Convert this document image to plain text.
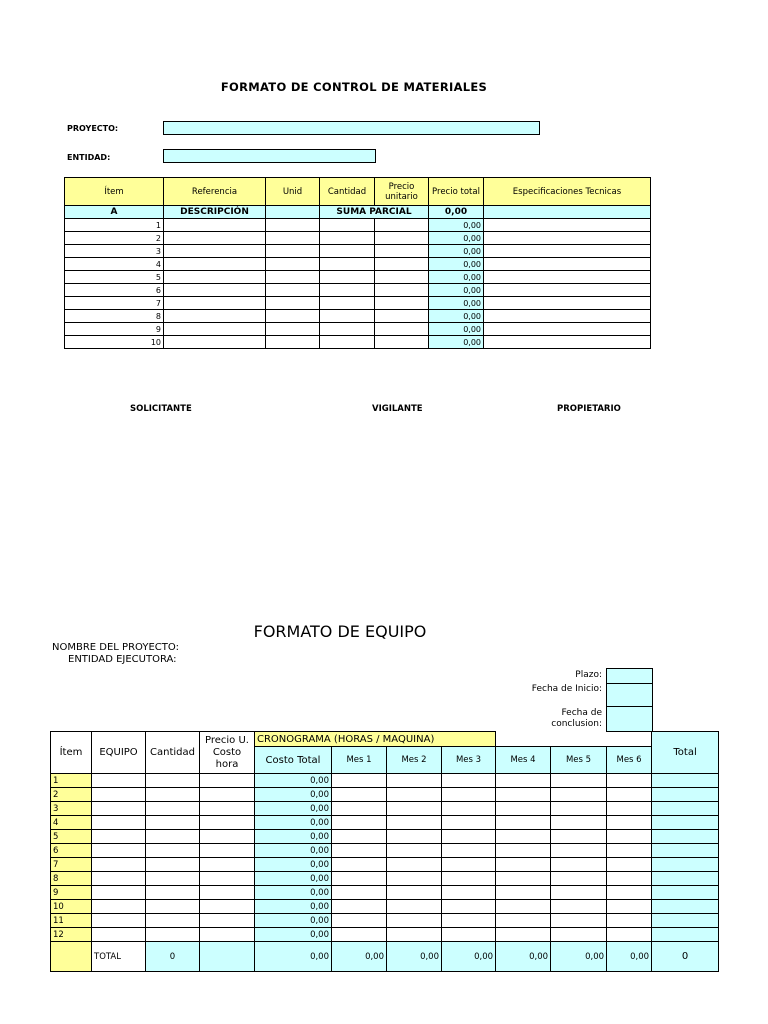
FORMATO DE CONTROL DE MATERIALES
PROYECTO:
ENTIDAD:
Ítem	Referencia	Unid	Cantidad	Precio unitario	Precio total	Especificaciones Tecnicas
A	DESCRIPCIÓN		SUMA PARCIAL		0,00	
1					0,00	
2					0,00	
3					0,00	
4					0,00	
5					0,00	
6					0,00	
7					0,00	
8					0,00	
9					0,00	
10					0,00	
SOLICITANTE	VIGILANTE	PROPIETARIO
FORMATO DE EQUIPO
NOMBRE DEL PROYECTO:
ENTIDAD EJECUTORA:
Plazo:
Fecha de Inicio:
Fecha de conclusion:
Ítem	EQUIPO	Cantidad	Precio U. Costo hora	CRONOGRAMA (HORAS / MAQUINA)							Total
				Costo Total	Mes 1	Mes 2	Mes 3	Mes 4	Mes 5	Mes 6	
1				0,00							
2				0,00							
3				0,00							
4				0,00							
5				0,00							
6				0,00							
7				0,00							
8				0,00							
9				0,00							
10				0,00							
11				0,00							
12				0,00							
	TOTAL	0		0,00	0,00	0,00	0,00	0,00	0,00	0,00	0
